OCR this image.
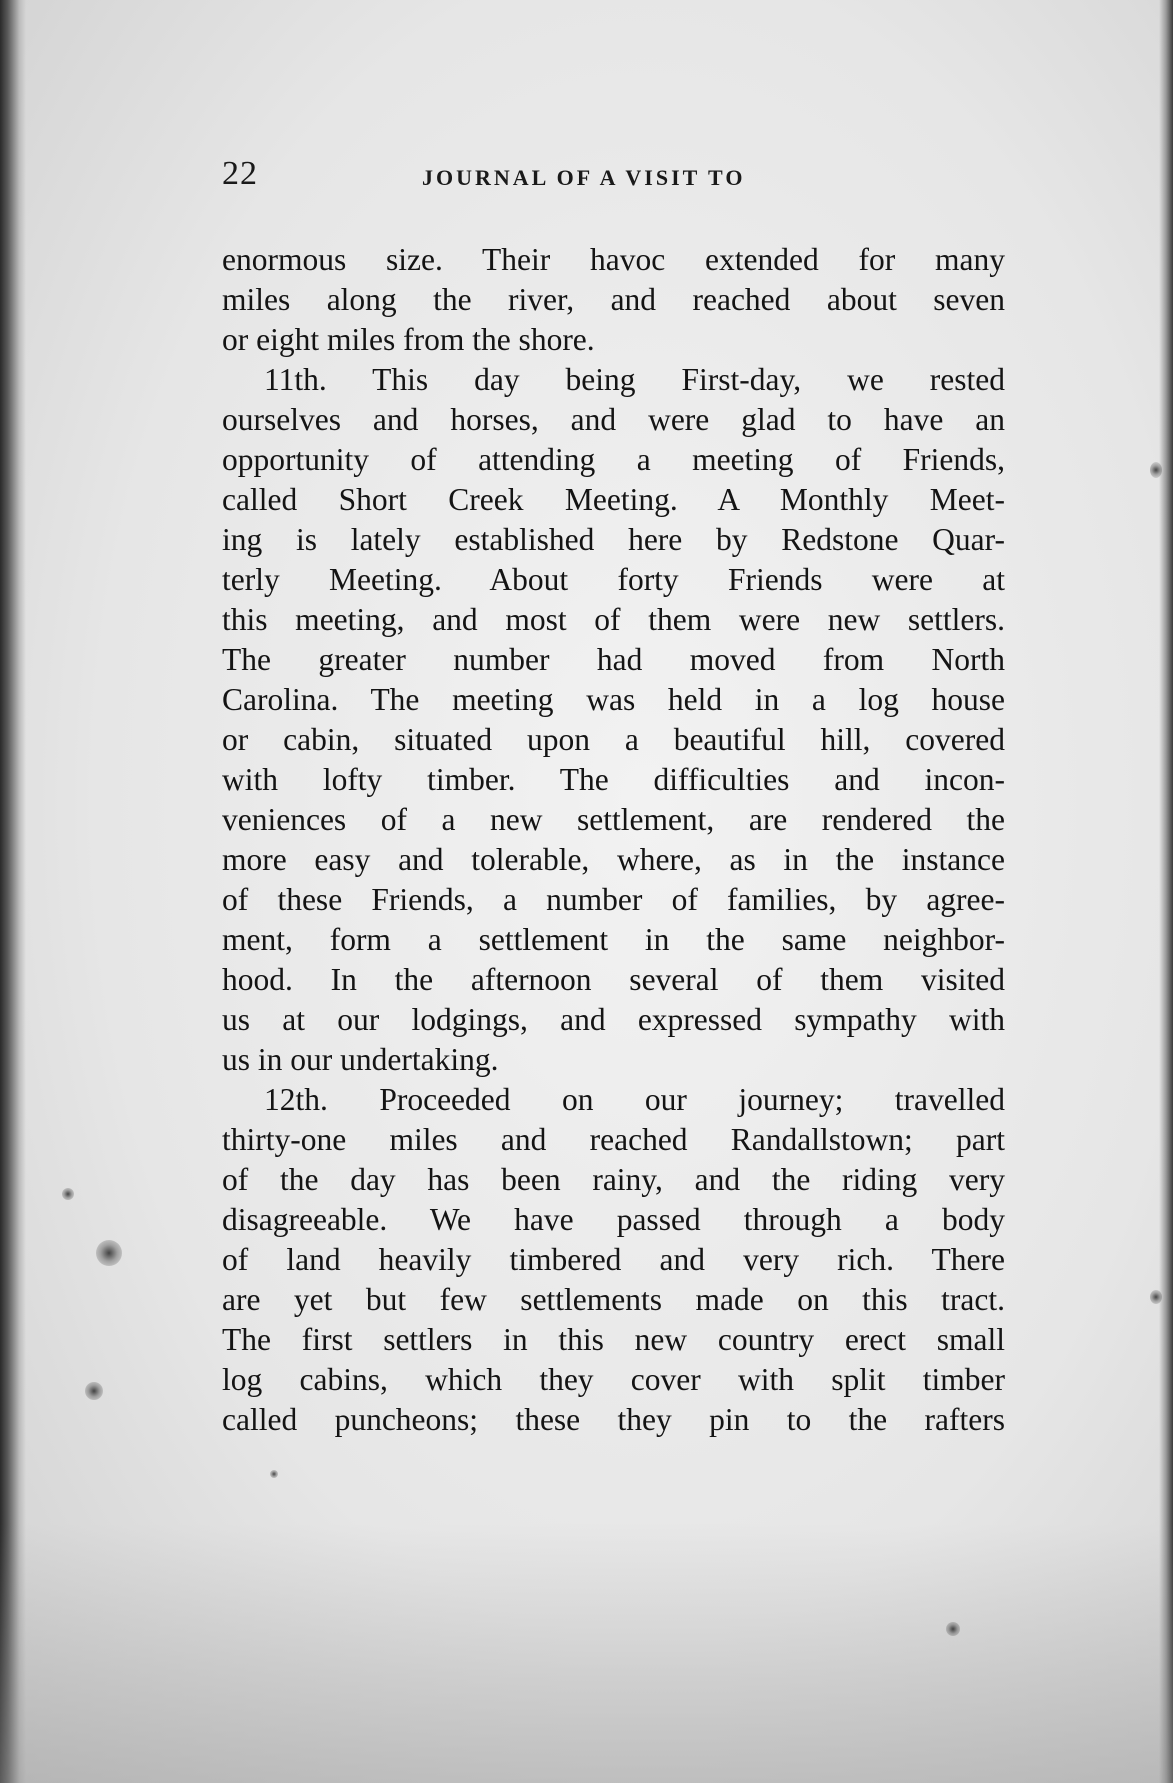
22	JOURNAL OF A VISIT TO
enormous size. Their havoc extended for many
miles along the river, and reached about seven
or eight miles from the shore.
11th. This day being First-day, we rested
ourselves and horses, and were glad to have an
opportunity of attending a meeting of Friends,
called Short Creek Meeting. A Monthly Meet-
ing is lately established here by Redstone Quar-
terly Meeting. About forty Friends were at
this meeting, and most of them were new settlers.
The greater number had moved from North
Carolina. The meeting was held in a log house
or cabin, situated upon a beautiful hill, covered
with lofty timber. The difficulties and incon-
veniences of a new settlement, are rendered the
more easy and tolerable, where, as in the instance
of these Friends, a number of families, by agree-
ment, form a settlement in the same neighbor-
hood. In the afternoon several of them visited
us at our lodgings, and expressed sympathy with
us in our undertaking.
12th. Proceeded on our journey; travelled
thirty-one miles and reached Randallstown; part
of the day has been rainy, and the riding very
disagreeable. We have passed through a body
of land heavily timbered and very rich. There
are yet but few settlements made on this tract.
The first settlers in this new country erect small
log cabins, which they cover with split timber
called puncheons; these they pin to the rafters
